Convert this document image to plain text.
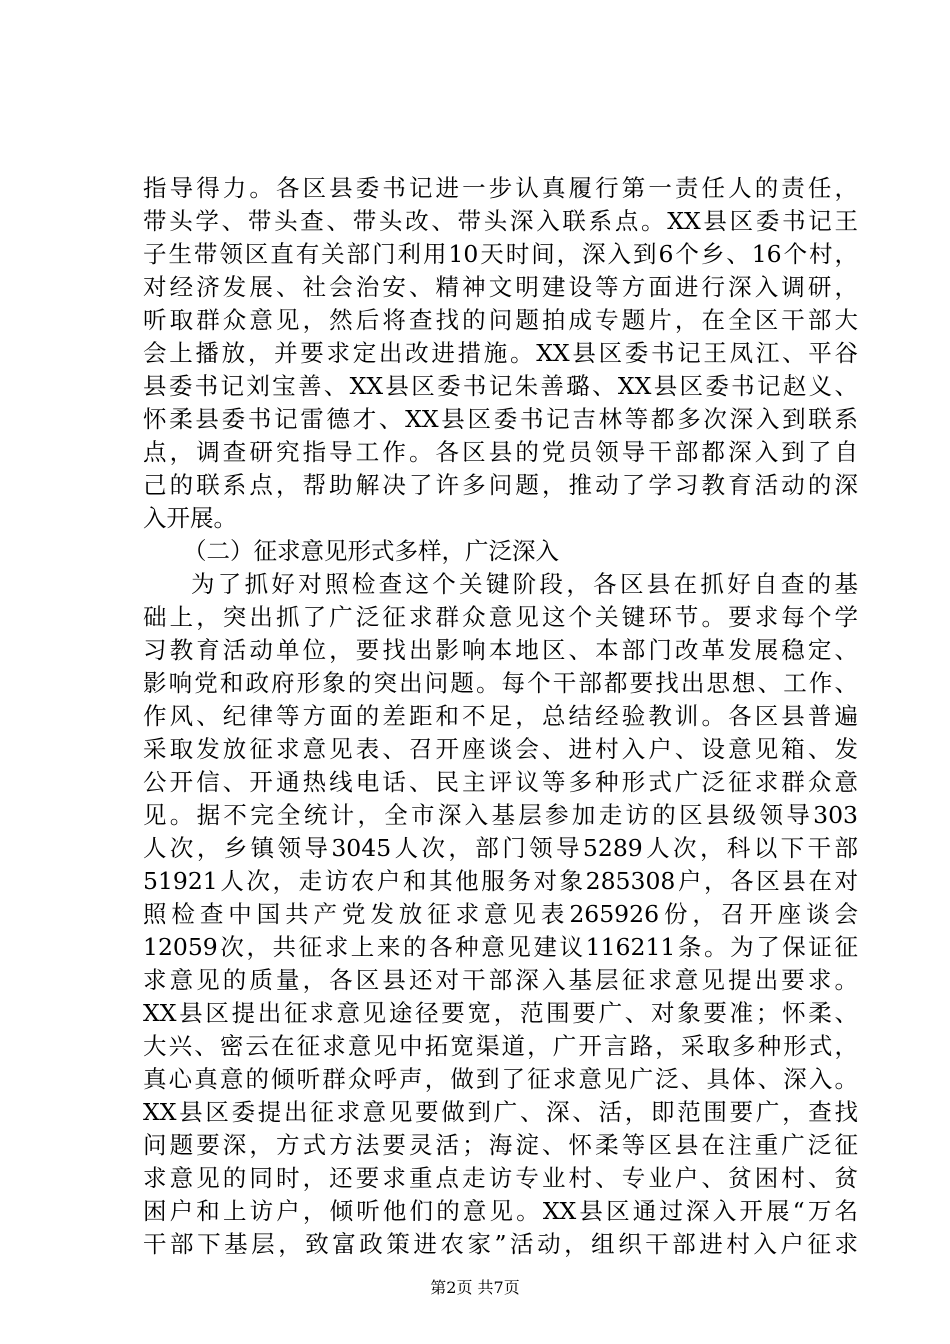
指导得力。各区县委书记进一步认真履行第一责任人的责任，
带头学、带头查、带头改、带头深入联系点。XX县区委书记王
子生带领区直有关部门利用10天时间，深入到6个乡、16个村，
对经济发展、社会治安、精神文明建设等方面进行深入调研，
听取群众意见，然后将查找的问题拍成专题片，在全区干部大
会上播放，并要求定出改进措施。XX县区委书记王凤江、平谷
县委书记刘宝善、XX县区委书记朱善璐、XX县区委书记赵义、
怀柔县委书记雷德才、XX县区委书记吉林等都多次深入到联系
点，调查研究指导工作。各区县的党员领导干部都深入到了自
己的联系点，帮助解决了许多问题，推动了学习教育活动的深
入开展。
（二）征求意见形式多样，广泛深入
为了抓好对照检查这个关键阶段，各区县在抓好自查的基
础上，突出抓了广泛征求群众意见这个关键环节。要求每个学
习教育活动单位，要找出影响本地区、本部门改革发展稳定、
影响党和政府形象的突出问题。每个干部都要找出思想、工作、
作风、纪律等方面的差距和不足，总结经验教训。各区县普遍
采取发放征求意见表、召开座谈会、进村入户、设意见箱、发
公开信、开通热线电话、民主评议等多种形式广泛征求群众意
见。据不完全统计，全市深入基层参加走访的区县级领导303
人次，乡镇领导3045人次，部门领导5289人次，科以下干部
51921人次，走访农户和其他服务对象285308户，各区县在对
照检查中国共产党发放征求意见表265926份，召开座谈会
12059次，共征求上来的各种意见建议116211条。为了保证征
求意见的质量，各区县还对干部深入基层征求意见提出要求。
XX县区提出征求意见途径要宽，范围要广、对象要准；怀柔、
大兴、密云在征求意见中拓宽渠道，广开言路，采取多种形式，
真心真意的倾听群众呼声，做到了征求意见广泛、具体、深入。
XX县区委提出征求意见要做到广、深、活，即范围要广，查找
问题要深，方式方法要灵活；海淀、怀柔等区县在注重广泛征
求意见的同时，还要求重点走访专业村、专业户、贫困村、贫
困户和上访户，倾听他们的意见。XX县区通过深入开展“万名
干部下基层，致富政策进农家”活动，组织干部进村入户征求
第2页 共7页
